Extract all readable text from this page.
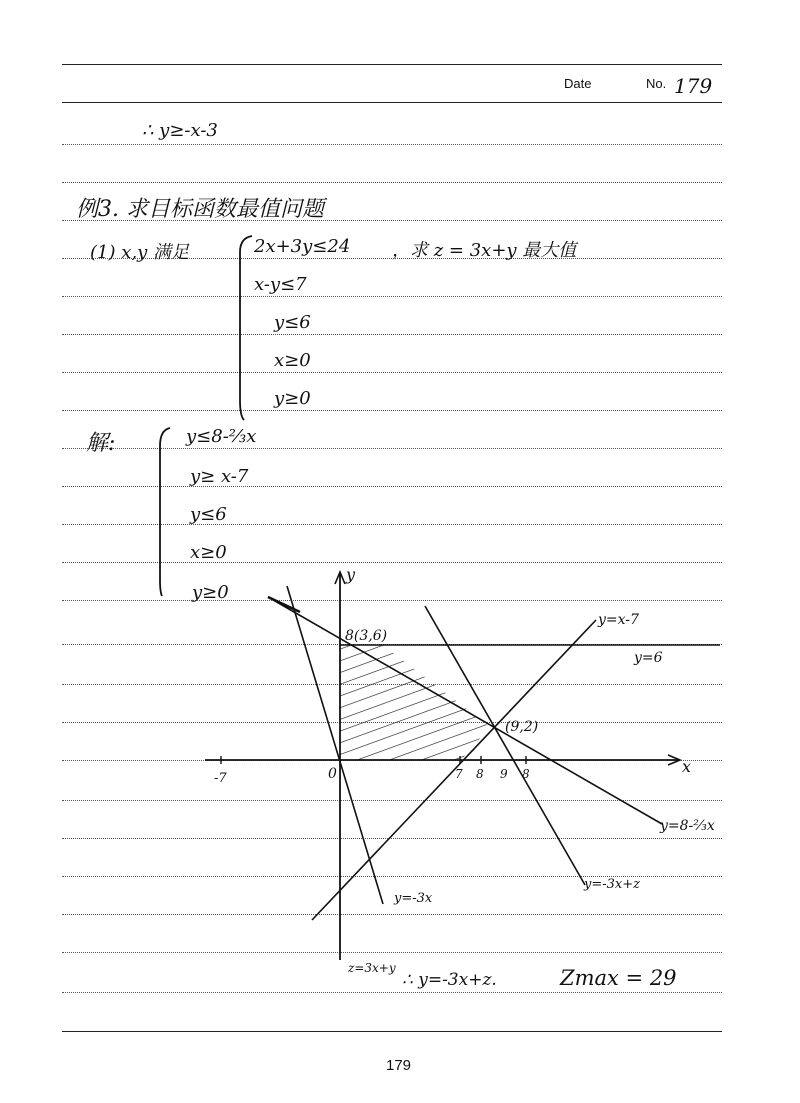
Date	No. 179
∴ y≥-x-3
例3. 求目标函数最值问题
(1) x,y 满足	2x+3y≤24
x-y≤7
y≤6
x≥0
y≥0
，求 z = 3x+y 最大值
解:	y≤8-⅔x
y≥ x-7
y≤6
x≥0
y≥0
∴ y=-3x+z.	Zmax = 29
y
x
0
-7	7 8 9 8
8(3,6)
(9,2)
y=x-7
y=6
y=8-⅔x
y=-3x+z
y=-3x
z=3x+y
179
